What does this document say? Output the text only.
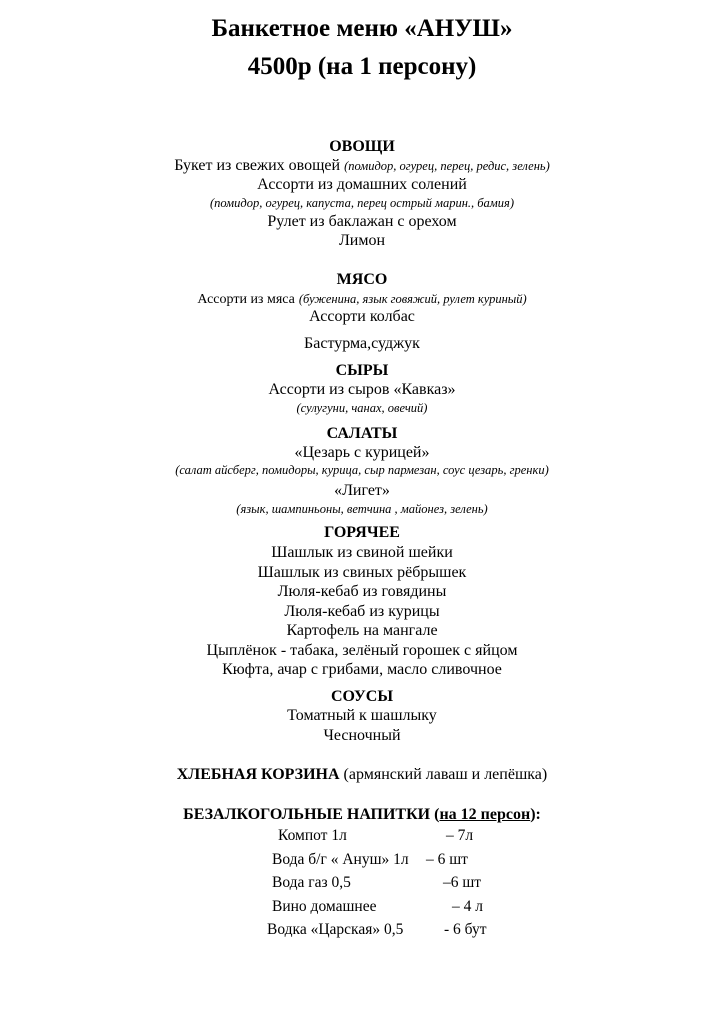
Банкетное меню «АНУШ»
4500р (на 1 персону)
ОВОЩИ
Букет из свежих овощей (помидор, огурец, перец, редис, зелень)
Ассорти из домашних солений
(помидор, огурец, капуста, перец острый марин., бамия)
Рулет из баклажан с орехом
Лимон
МЯСО
Ассорти из мяса (буженина, язык говяжий, рулет куриный)
Ассорти колбас
Бастурма,суджук
СЫРЫ
Ассорти из сыров «Кавказ»
(сулугуни, чанах, овечий)
САЛАТЫ
«Цезарь с курицей»
(салат айсберг, помидоры, курица, сыр пармезан, соус цезарь, гренки)
«Лигет»
(язык, шампиньоны, ветчина , майонез, зелень)
ГОРЯЧЕЕ
Шашлык из свиной шейки
Шашлык из свиных рёбрышек
Люля-кебаб из говядины
Люля-кебаб из курицы
Картофель на мангале
Цыплёнок - табака, зелёный горошек с яйцом
Кюфта, ачар с грибами, масло сливочное
СОУСЫ
Томатный к шашлыку
Чесночный
ХЛЕБНАЯ КОРЗИНА (армянский лаваш и лепёшка)
БЕЗАЛКОГОЛЬНЫЕ НАПИТКИ (на 12 персон):
Компот 1л	– 7л
Вода б/г « Ануш» 1л – 6 шт
Вода газ 0,5	–6 шт
Вино домашнее	– 4 л
Водка «Царская» 0,5	- 6 бут
